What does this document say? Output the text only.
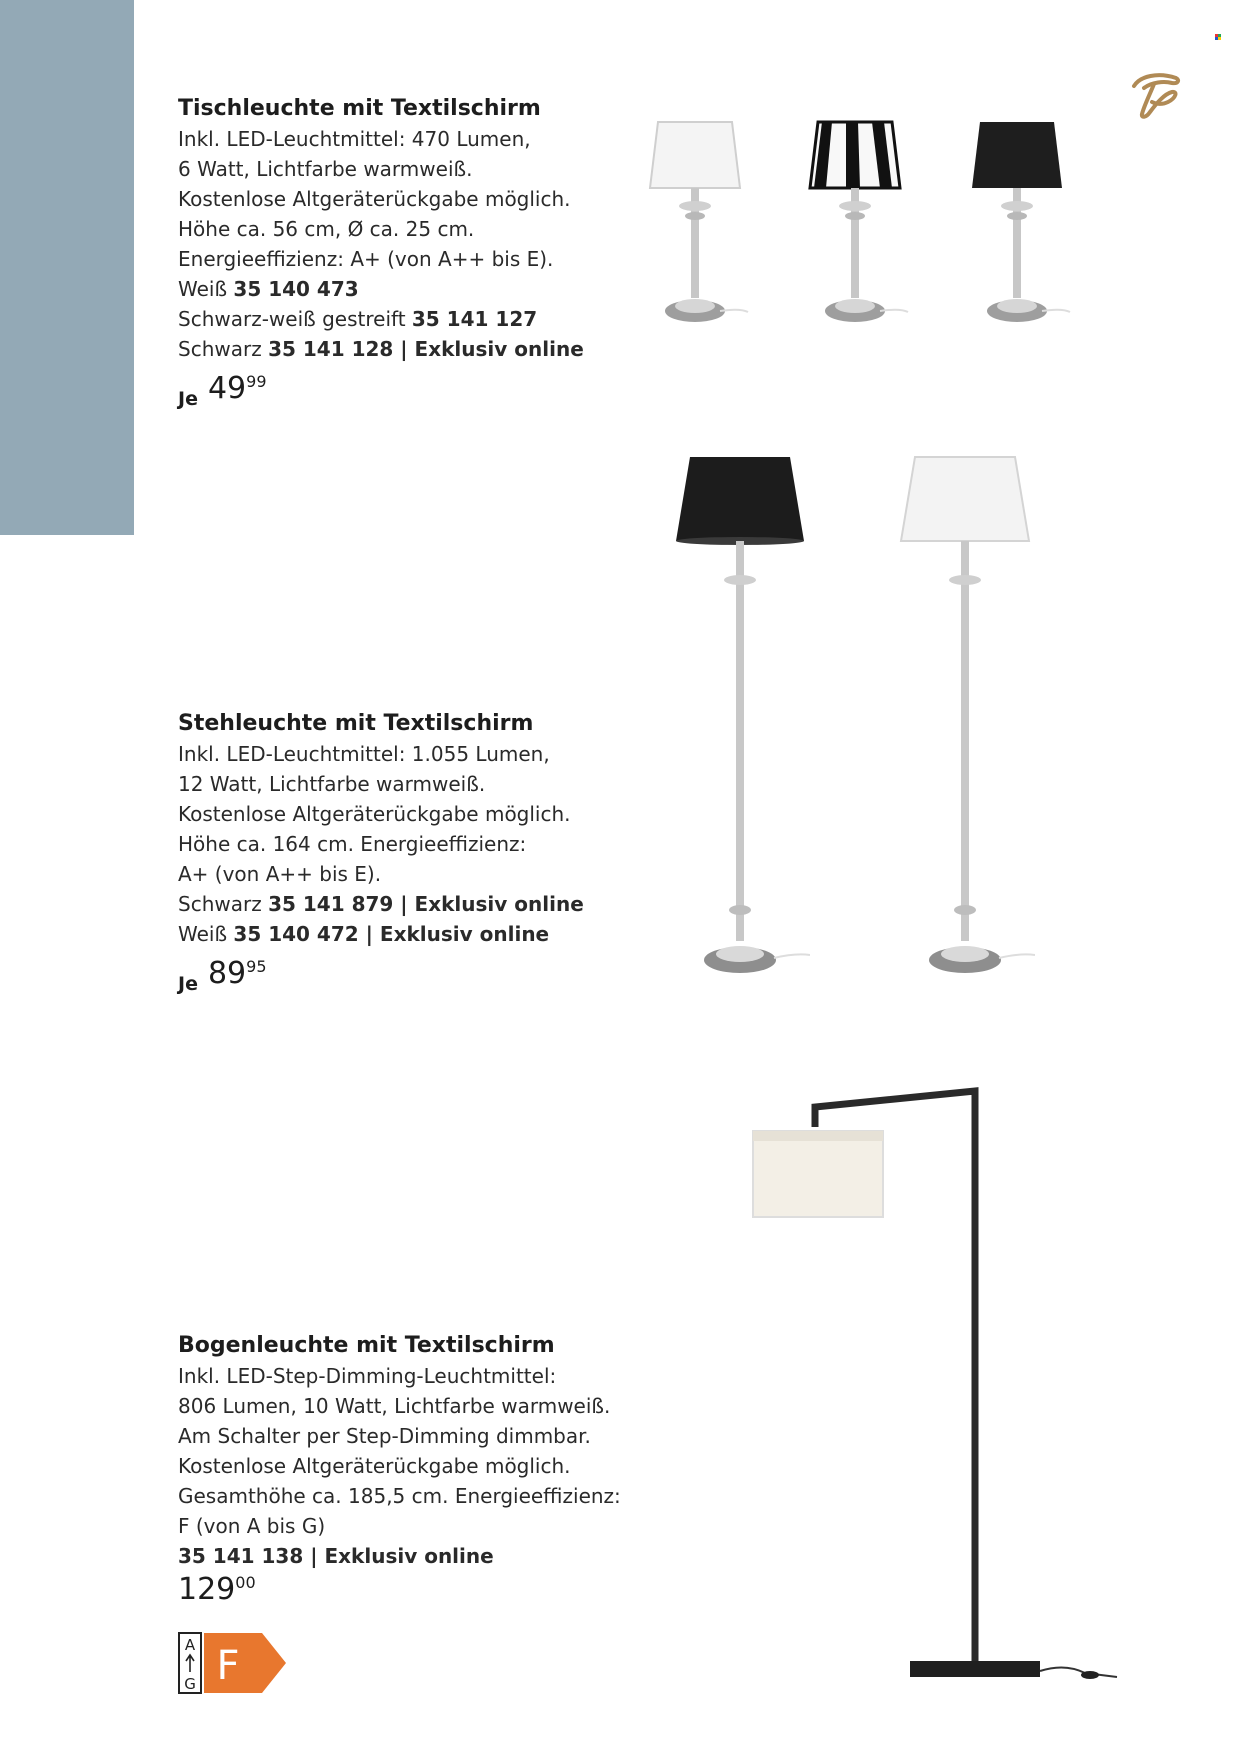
Tischleuchte mit Textilschirm
Inkl. LED-Leuchtmittel: 470 Lumen,
6 Watt, Lichtfarbe warmweiß.
Kostenlose Altgeräterückgabe möglich.
Höhe ca. 56 cm, Ø ca. 25 cm.
Energieeffizienz: A+ (von A++ bis E).
Weiß 35 140 473
Schwarz-weiß gestreift 35 141 127
Schwarz 35 141 128 | Exklusiv online
Je 49 99
Stehleuchte mit Textilschirm
Inkl. LED-Leuchtmittel: 1.055 Lumen,
12 Watt, Lichtfarbe warmweiß.
Kostenlose Altgeräterückgabe möglich.
Höhe ca. 164 cm. Energieeffizienz:
A+ (von A++ bis E).
Schwarz 35 141 879 | Exklusiv online
Weiß 35 140 472 | Exklusiv online
Je 89 95
Bogenleuchte mit Textilschirm
Inkl. LED-Step-Dimming-Leuchtmittel:
806 Lumen, 10 Watt, Lichtfarbe warmweiß.
Am Schalter per Step-Dimming dimmbar.
Kostenlose Altgeräterückgabe möglich.
Gesamthöhe ca. 185,5 cm. Energieeffizienz:
F (von A bis G)
35 141 138 | Exklusiv online
129 00
A
G F
